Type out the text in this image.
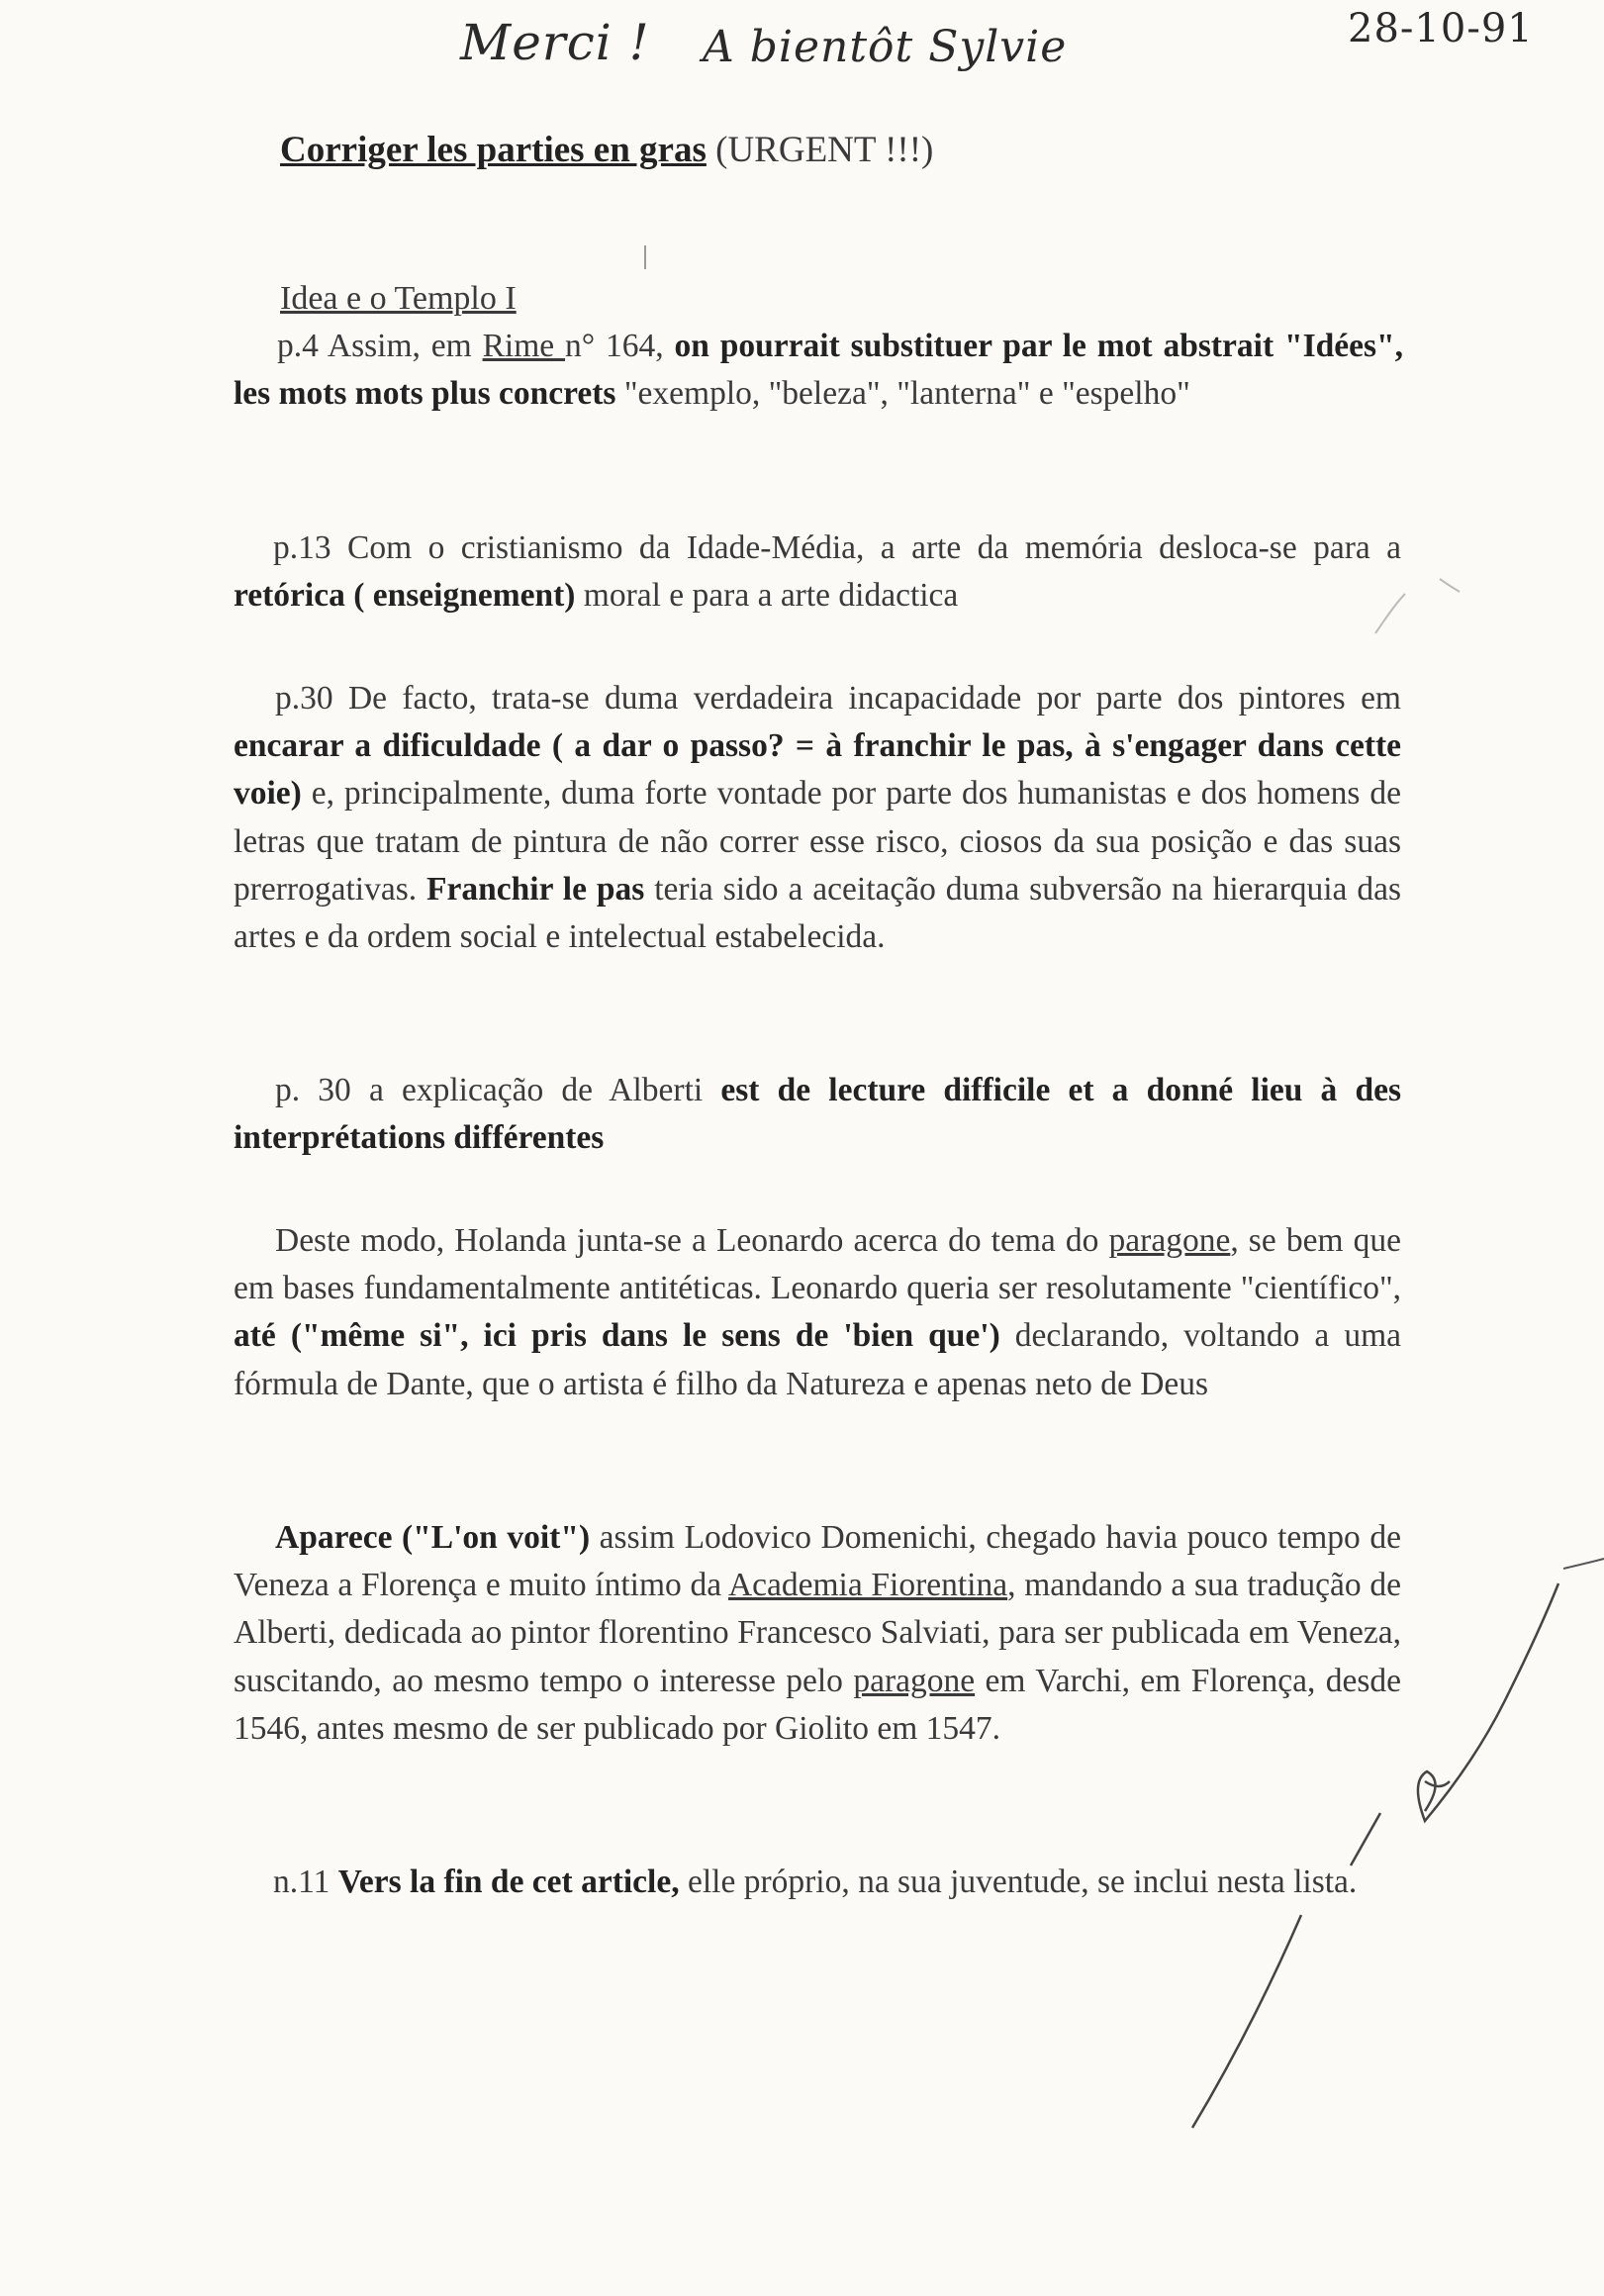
Merci ! A bientôt Sylvie	28-10-91
Corriger les parties en gras (URGENT !!!)
Idea e o Templo I

p.4 Assim, em Rime n° 164, on pourrait substituer par le mot abstrait "Idées", les mots mots plus concrets "exemplo, "beleza", "lanterna" e "espelho"

p.13 Com o cristianismo da Idade-Média, a arte da memória desloca-se para a retórica ( enseignement) moral e para a arte didactica

p.30 De facto, trata-se duma verdadeira incapacidade por parte dos pintores em encarar a dificuldade ( a dar o passo? = à franchir le pas, à s'engager dans cette voie) e, principalmente, duma forte vontade por parte dos humanistas e dos homens de letras que tratam de pintura de não correr esse risco, ciosos da sua posição e das suas prerrogativas. Franchir le pas teria sido a aceitação duma subversão na hierarquia das artes e da ordem social e intelectual estabelecida.

p. 30 a explicação de Alberti est de lecture difficile et a donné lieu à des interprétations différentes

Deste modo, Holanda junta-se a Leonardo acerca do tema do paragone, se bem que em bases fundamentalmente antitéticas. Leonardo queria ser resolutamente "científico", até ("même si", ici pris dans le sens de 'bien que') declarando, voltando a uma fórmula de Dante, que o artista é filho da Natureza e apenas neto de Deus

Aparece ("L'on voit") assim Lodovico Domenichi, chegado havia pouco tempo de Veneza a Florença e muito íntimo da Academia Fiorentina, mandando a sua tradução de Alberti, dedicada ao pintor florentino Francesco Salviati, para ser publicada em Veneza, suscitando, ao mesmo tempo o interesse pelo paragone em Varchi, em Florença, desde 1546, antes mesmo de ser publicado por Giolito em 1547.

n.11 Vers la fin de cet article, elle próprio, na sua juventude, se inclui nesta lista.
